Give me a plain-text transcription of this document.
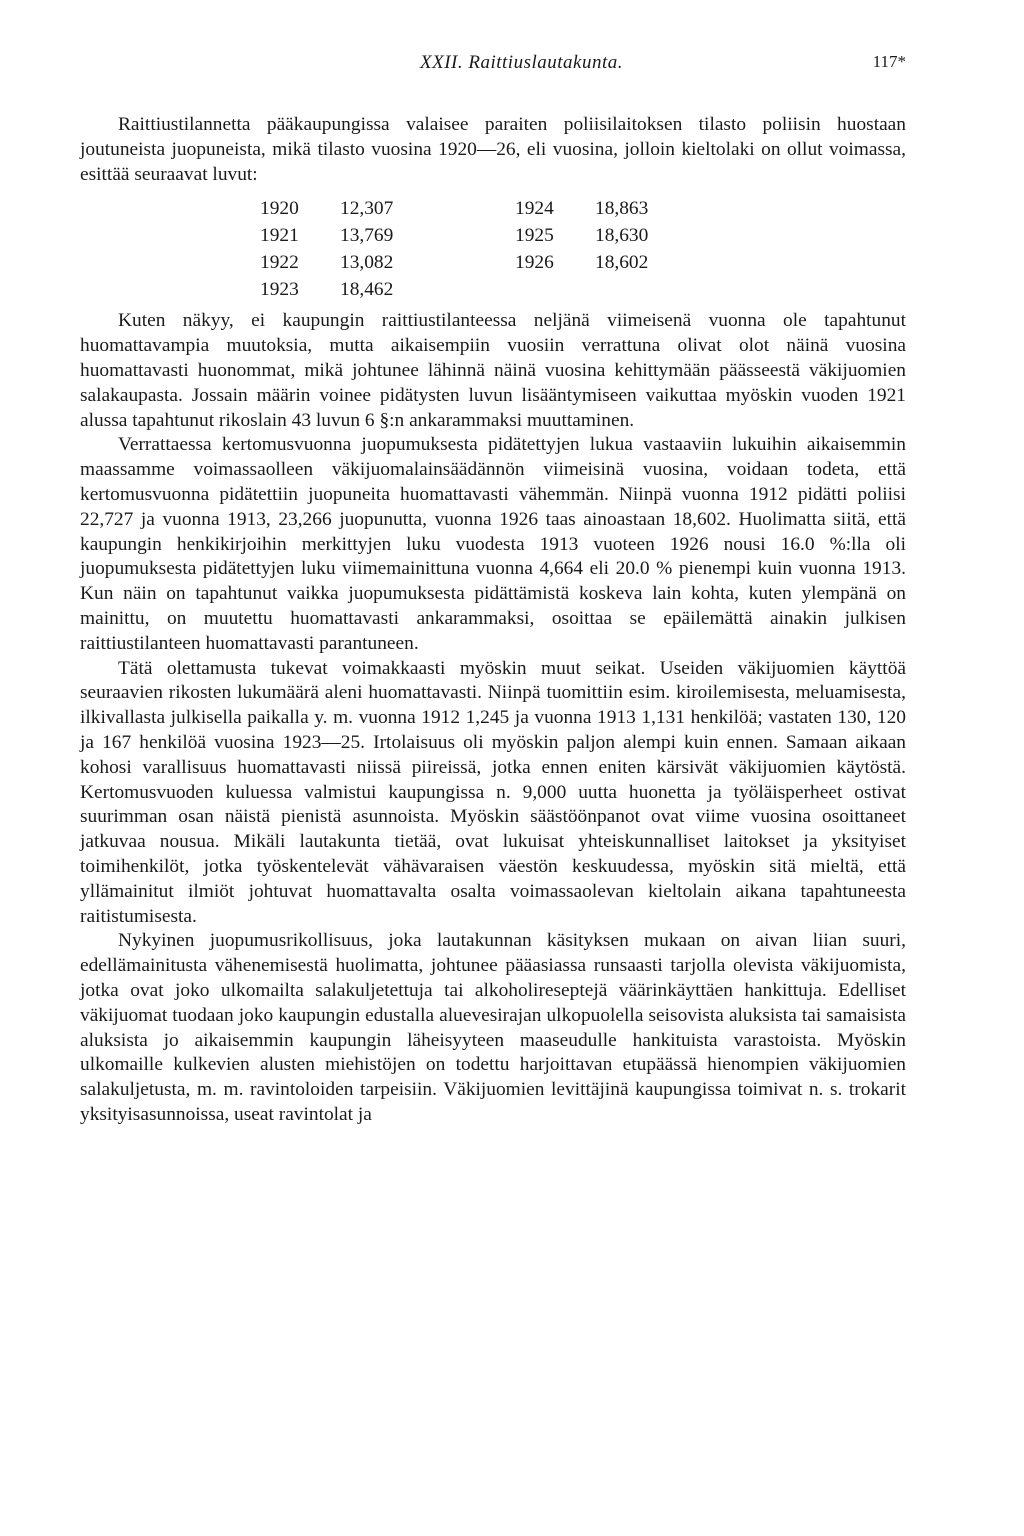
XXII. Raittiuslautakunta.	117*

Raittiustilannetta pääkaupungissa valaisee paraiten poliisilaitoksen tilasto poliisin huostaan joutuneista juopuneista, mikä tilasto vuosina 1920—26, eli vuosina, jolloin kieltolaki on ollut voimassa, esittää seuraavat luvut:

1920	12,307	1924	18,863
1921	13,769	1925	18,630
1922	13,082	1926	18,602
1923	18,462

Kuten näkyy, ei kaupungin raittiustilanteessa neljänä viimeisenä vuonna ole tapahtunut huomattavampia muutoksia, mutta aikaisempiin vuosiin verrattuna olivat olot näinä vuosina huomattavasti huonommat, mikä johtunee lähinnä näinä vuosina kehittymään päässeestä väkijuomien salakaupasta. Jossain määrin voinee pidätysten luvun lisääntymiseen vaikuttaa myöskin vuoden 1921 alussa tapahtunut rikoslain 43 luvun 6 §:n ankarammaksi muuttaminen.

Verrattaessa kertomusvuonna juopumuksesta pidätettyjen lukua vastaaviin lukuihin aikaisemmin maassamme voimassaolleen väkijuomalainsäädännön viimeisinä vuosina, voidaan todeta, että kertomusvuonna pidätettiin juopuneita huomattavasti vähemmän. Niinpä vuonna 1912 pidätti poliisi 22,727 ja vuonna 1913, 23,266 juopunutta, vuonna 1926 taas ainoastaan 18,602. Huolimatta siitä, että kaupungin henkikirjoihin merkittyjen luku vuodesta 1913 vuoteen 1926 nousi 16.0 %:lla oli juopumuksesta pidätettyjen luku viimemainittuna vuonna 4,664 eli 20.0 % pienempi kuin vuonna 1913. Kun näin on tapahtunut vaikka juopumuksesta pidättämistä koskeva lain kohta, kuten ylempänä on mainittu, on muutettu huomattavasti ankarammaksi, osoittaa se epäilemättä ainakin julkisen raittiustilanteen huomattavasti parantuneen.

Tätä olettamusta tukevat voimakkaasti myöskin muut seikat. Useiden väkijuomien käyttöä seuraavien rikosten lukumäärä aleni huomattavasti. Niinpä tuomittiin esim. kiroilemisesta, meluamisesta, ilkivallasta julkisella paikalla y. m. vuonna 1912 1,245 ja vuonna 1913 1,131 henkilöä; vastaten 130, 120 ja 167 henkilöä vuosina 1923—25. Irtolaisuus oli myöskin paljon alempi kuin ennen. Samaan aikaan kohosi varallisuus huomattavasti niissä piireissä, jotka ennen eniten kärsivät väkijuomien käytöstä. Kertomusvuoden kuluessa valmistui kaupungissa n. 9,000 uutta huonetta ja työläisperheet ostivat suurimman osan näistä pienistä asunnoista. Myöskin säästöönpanot ovat viime vuosina osoittaneet jatkuvaa nousua. Mikäli lautakunta tietää, ovat lukuisat yhteiskunnalliset laitokset ja yksityiset toimihenkilöt, jotka työskentelevät vähävaraisen väestön keskuudessa, myöskin sitä mieltä, että yllämainitut ilmiöt johtuvat huomattavalta osalta voimassaolevan kieltolain aikana tapahtuneesta raitistumisesta.

Nykyinen juopumusrikollisuus, joka lautakunnan käsityksen mukaan on aivan liian suuri, edellämainitusta vähenemisestä huolimatta, johtunee pääasiassa runsaasti tarjolla olevista väkijuomista, jotka ovat joko ulkomailta salakuljetettuja tai alkoholireseptejä väärinkäyttäen hankittuja. Edelliset väkijuomat tuodaan joko kaupungin edustalla aluevesirajan ulkopuolella seisovista aluksista tai samaisista aluksista jo aikaisemmin kaupungin läheisyyteen maaseudulle hankituista varastoista. Myöskin ulkomaille kulkevien alusten miehistöjen on todettu harjoittavan etupäässä hienompien väkijuomien salakuljetusta, m. m. ravintoloiden tarpeisiin. Väkijuomien levittäjinä kaupungissa toimivat n. s. trokarit yksityisasunnoissa, useat ravintolat ja
